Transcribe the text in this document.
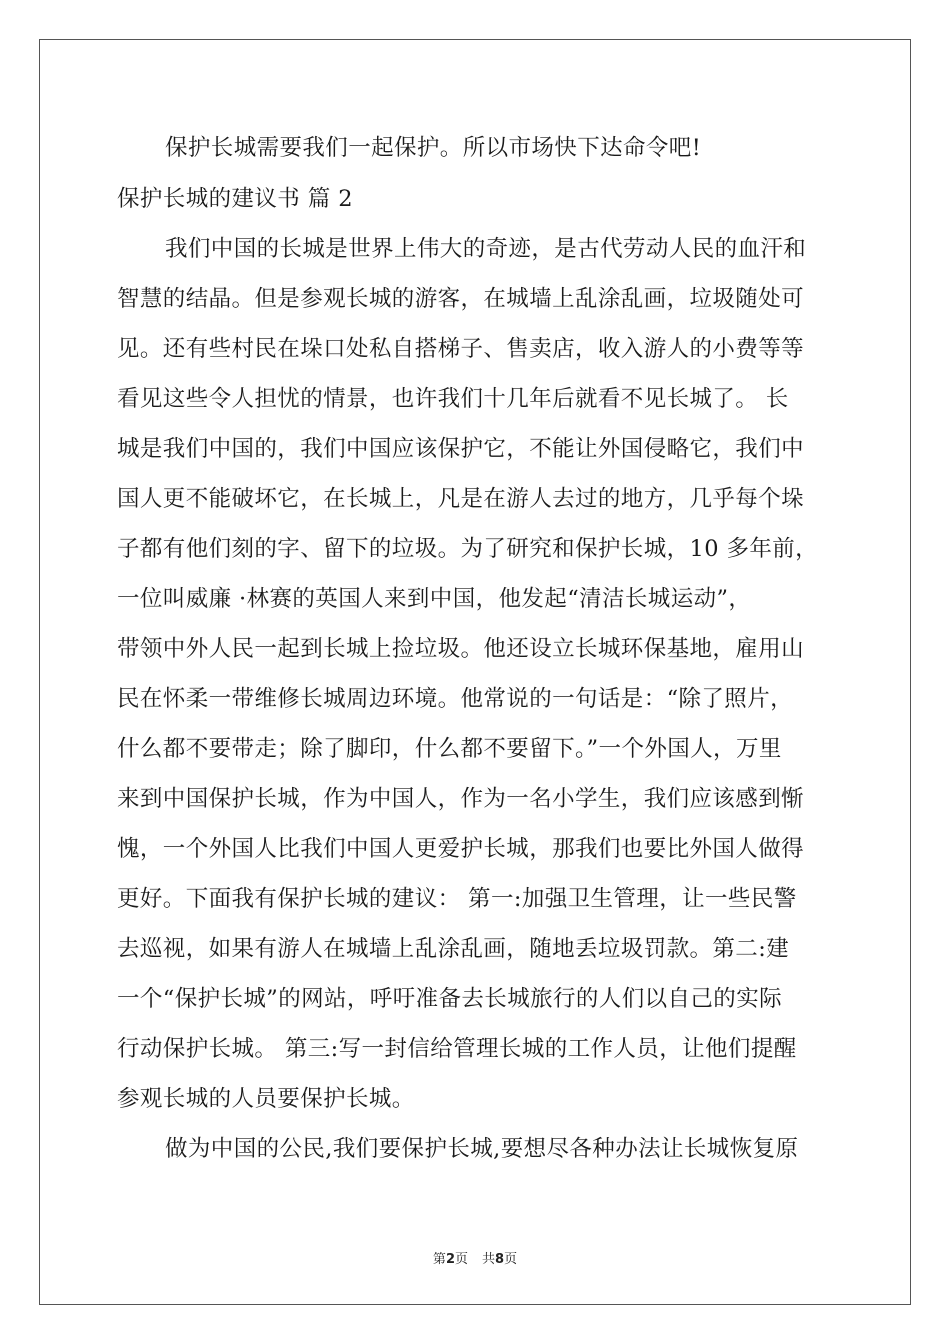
保护长城需要我们一起保护。所以市场快下达命令吧!
保护长城的建议书 篇 2
我们中国的长城是世界上伟大的奇迹，是古代劳动人民的血汗和
智慧的结晶。但是参观长城的游客，在城墙上乱涂乱画，垃圾随处可
见。还有些村民在垛口处私自搭梯子、售卖店，收入游人的小费等等
看见这些令人担忧的情景，也许我们十几年后就看不见长城了。 长
城是我们中国的，我们中国应该保护它，不能让外国侵略它，我们中
国人更不能破坏它，在长城上，凡是在游人去过的地方，几乎每个垛
子都有他们刻的字、留下的垃圾。为了研究和保护长城，10 多年前，
一位叫威廉 ·林赛的英国人来到中国，他发起“清洁长城运动”，
带领中外人民一起到长城上捡垃圾。他还设立长城环保基地，雇用山
民在怀柔一带维修长城周边环境。他常说的一句话是：“除了照片，
什么都不要带走；除了脚印，什么都不要留下。”一个外国人，万里
来到中国保护长城，作为中国人，作为一名小学生，我们应该感到惭
愧，一个外国人比我们中国人更爱护长城，那我们也要比外国人做得
更好。下面我有保护长城的建议： 第一:加强卫生管理，让一些民警
去巡视，如果有游人在城墙上乱涂乱画，随地丢垃圾罚款。第二:建
一个“保护长城”的网站，呼吁准备去长城旅行的人们以自己的实际
行动保护长城。 第三:写一封信给管理长城的工作人员，让他们提醒
参观长城的人员要保护长城。
做为中国的公民,我们要保护长城,要想尽各种办法让长城恢复原
第2页 共8页
